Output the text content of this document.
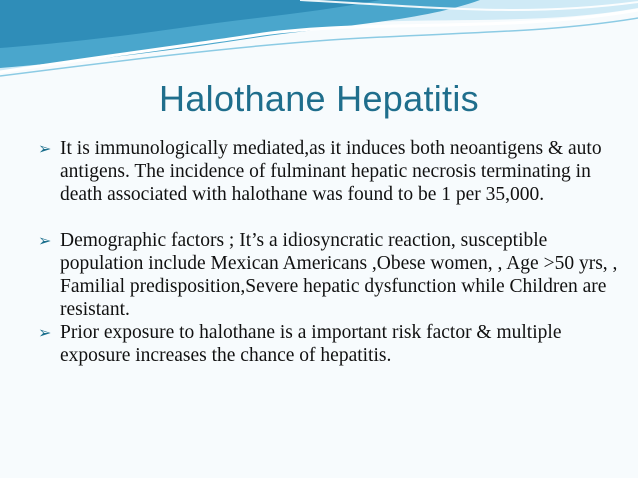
Halothane Hepatitis
➢ It is immunologically mediated,as it induces both neoantigens & auto antigens. The incidence of fulminant hepatic necrosis terminating in death associated with halothane was found to be 1 per 35,000.
➢ Demographic factors ; It’s a idiosyncratic reaction, susceptible population include Mexican Americans ,Obese women, , Age >50 yrs, , Familial predisposition,Severe hepatic dysfunction while Children are resistant.
➢ Prior exposure to halothane is a important risk factor & multiple exposure increases the chance of hepatitis.
